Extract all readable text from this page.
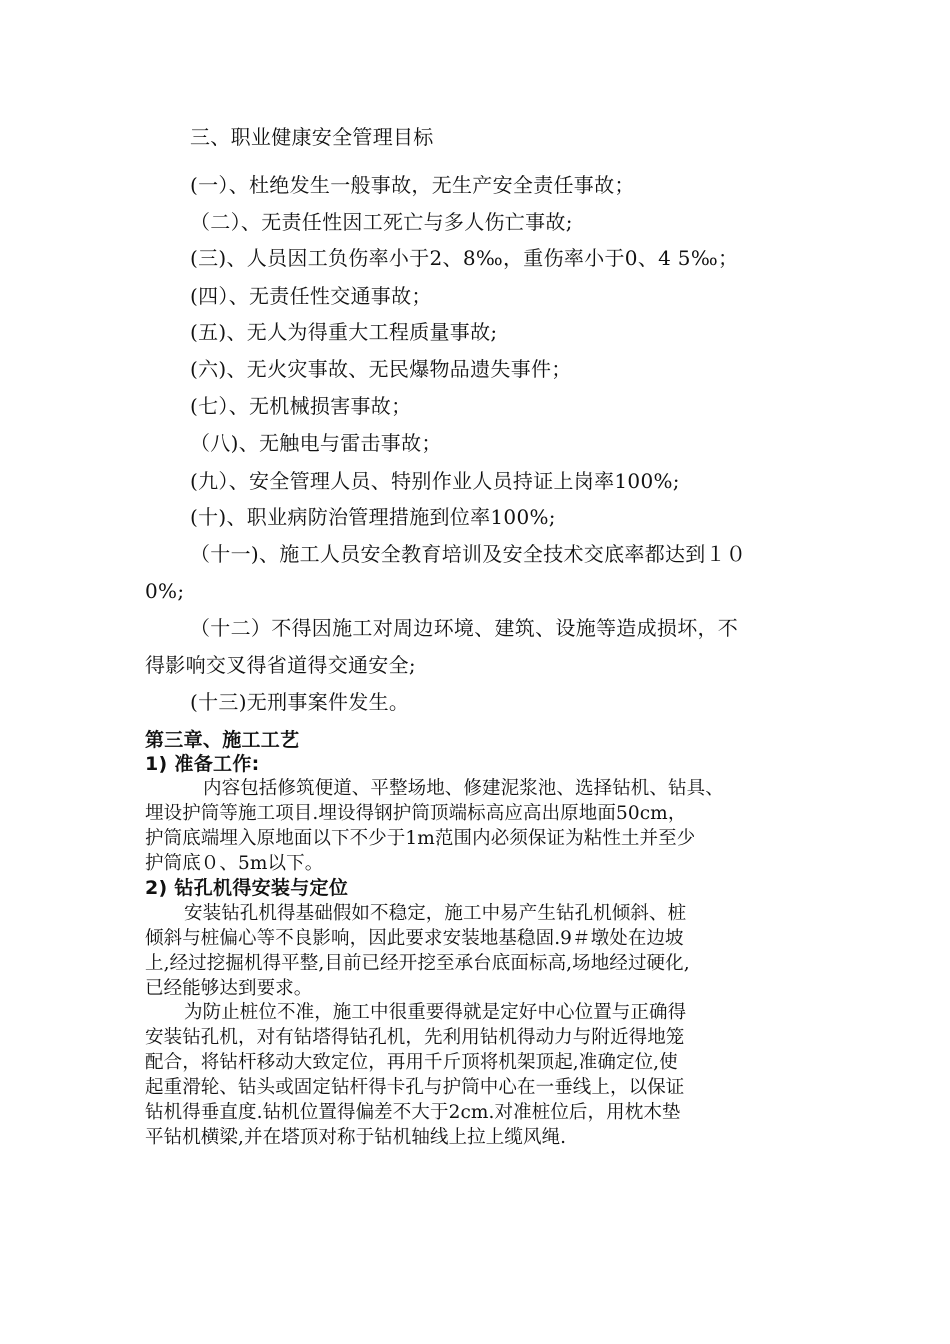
三、职业健康安全管理目标
(一）、杜绝发生一般事故，无生产安全责任事故；
（二）、无责任性因工死亡与多人伤亡事故;
(三)、人员因工负伤率小于2、8‰，重伤率小于0、4 5‰；
(四）、无责任性交通事故；
(五)、无人为得重大工程质量事故;
(六)、无火灾事故、无民爆物品遗失事件；
(七）、无机械损害事故；
（八)、无触电与雷击事故；
(九）、安全管理人员、特别作业人员持证上岗率100%;
(十)、职业病防治管理措施到位率100%;
（十一)、施工人员安全教育培训及安全技术交底率都达到１０
0%;
（十二）不得因施工对周边环境、建筑、设施等造成损坏，不
得影响交叉得省道得交通安全;
(十三)无刑事案件发生。
第三章、施工工艺
1) 准备工作:
内容包括修筑便道、平整场地、修建泥浆池、选择钻机、钻具、
埋设护筒等施工项目.埋设得钢护筒顶端标高应高出原地面50cm，
护筒底端埋入原地面以下不少于1m范围内必须保证为粘性土并至少
护筒底０、5m以下。
2) 钻孔机得安装与定位
安装钻孔机得基础假如不稳定，施工中易产生钻孔机倾斜、桩
倾斜与桩偏心等不良影响，因此要求安装地基稳固.9＃墩处在边坡
上,经过挖掘机得平整,目前已经开挖至承台底面标高,场地经过硬化,
已经能够达到要求。
为防止桩位不准，施工中很重要得就是定好中心位置与正确得
安装钻孔机，对有钻塔得钻孔机，先利用钻机得动力与附近得地笼
配合，将钻杆移动大致定位，再用千斤顶将机架顶起,准确定位,使
起重滑轮、钻头或固定钻杆得卡孔与护筒中心在一垂线上，以保证
钻机得垂直度.钻机位置得偏差不大于2cm.对准桩位后，用枕木垫
平钻机横梁,并在塔顶对称于钻机轴线上拉上缆风绳.
